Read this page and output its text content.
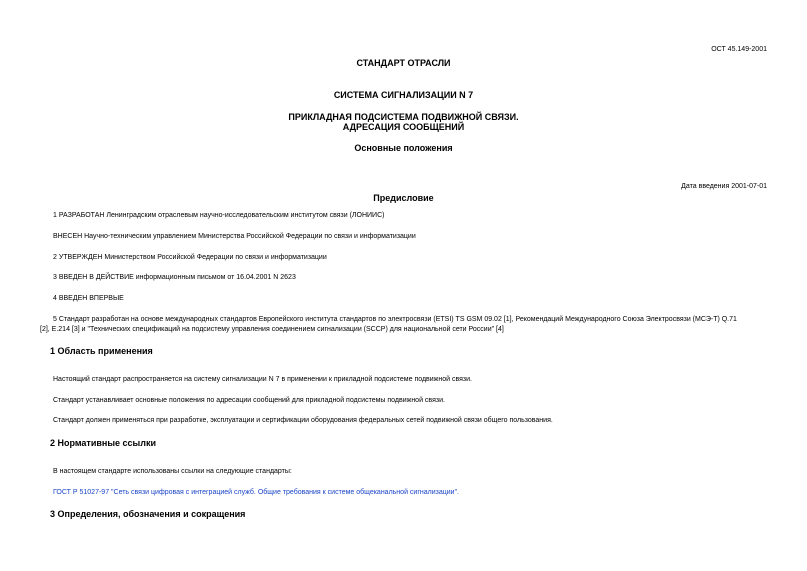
ОСТ 45.149-2001
СТАНДАРТ ОТРАСЛИ
СИСТЕМА СИГНАЛИЗАЦИИ N 7
ПРИКЛАДНАЯ ПОДСИСТЕМА ПОДВИЖНОЙ СВЯЗИ.
АДРЕСАЦИЯ СООБЩЕНИЙ
Основные положения
Дата введения 2001-07-01
Предисловие
1 РАЗРАБОТАН Ленинградским отраслевым научно-исследовательским институтом связи (ЛОНИИС)
ВНЕСЕН Научно-техническим управлением Министерства Российской Федерации по связи и информатизации
2 УТВЕРЖДЕН Министерством Российской Федерации по связи и информатизации
3 ВВЕДЕН В ДЕЙСТВИЕ информационным письмом от 16.04.2001 N 2623
4 ВВЕДЕН ВПЕРВЫЕ
5 Стандарт разработан на основе международных стандартов Европейского института стандартов по электросвязи (ETSI) TS GSM 09.02 [1], Рекомендаций Международного Союза Электросвязи (МСЭ-Т) Q.71
[2], E.214 [3] и "Технических спецификаций на подсистему управления соединением сигнализации (SCCP) для национальной сети России" [4]
1 Область применения
Настоящий стандарт распространяется на систему сигнализации N 7 в применении к прикладной подсистеме подвижной связи.
Стандарт устанавливает основные положения по адресации сообщений для прикладной подсистемы подвижной связи.
Стандарт должен применяться при разработке, эксплуатации и сертификации оборудования федеральных сетей подвижной связи общего пользования.
2 Нормативные ссылки
В настоящем стандарте использованы ссылки на следующие стандарты:
ГОСТ Р 51027-97 "Сеть связи цифровая с интеграцией служб. Общие требования к системе общеканальной сигнализации".
3 Определения, обозначения и сокращения
